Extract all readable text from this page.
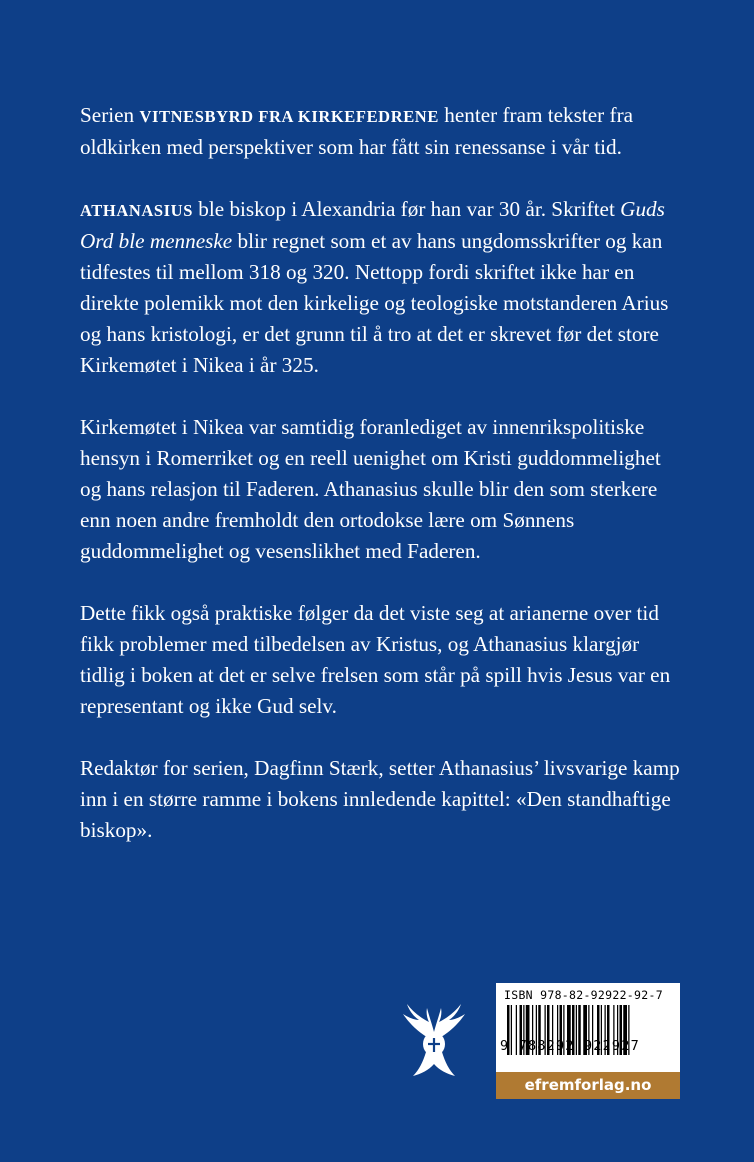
Serien VITNESBYRD FRA KIRKEFEDRENE henter fram tekster fra oldkirken med perspektiver som har fått sin renessanse i vår tid.

ATHANASIUS ble biskop i Alexandria før han var 30 år. Skriftet Guds Ord ble menneske blir regnet som et av hans ungdomsskrifter og kan tidfestes til mellom 318 og 320. Nettopp fordi skriftet ikke har en direkte polemikk mot den kirkelige og teologiske motstanderen Arius og hans kristologi, er det grunn til å tro at det er skrevet før det store Kirkemøtet i Nikea i år 325.

Kirkemøtet i Nikea var samtidig foranlediget av innenrikspolitiske hensyn i Romerriket og en reell uenighet om Kristi guddommelighet og hans relasjon til Faderen. Athanasius skulle blir den som sterkere enn noen andre fremholdt den ortodokse lære om Sønnens guddommelighet og vesenslikhet med Faderen.

Dette fikk også praktiske følger da det viste seg at arianerne over tid fikk problemer med tilbedelsen av Kristus, og Athanasius klargjør tidlig i boken at det er selve frelsen som står på spill hvis Jesus var en representant og ikke Gud selv.

Redaktør for serien, Dagfinn Stærk, setter Athanasius’ livsvarige kamp inn i en større ramme i bokens innledende kapittel: «Den standhaftige biskop».

ISBN 978-82-92922-92-7
9 788292 922927
efremforlag.no
